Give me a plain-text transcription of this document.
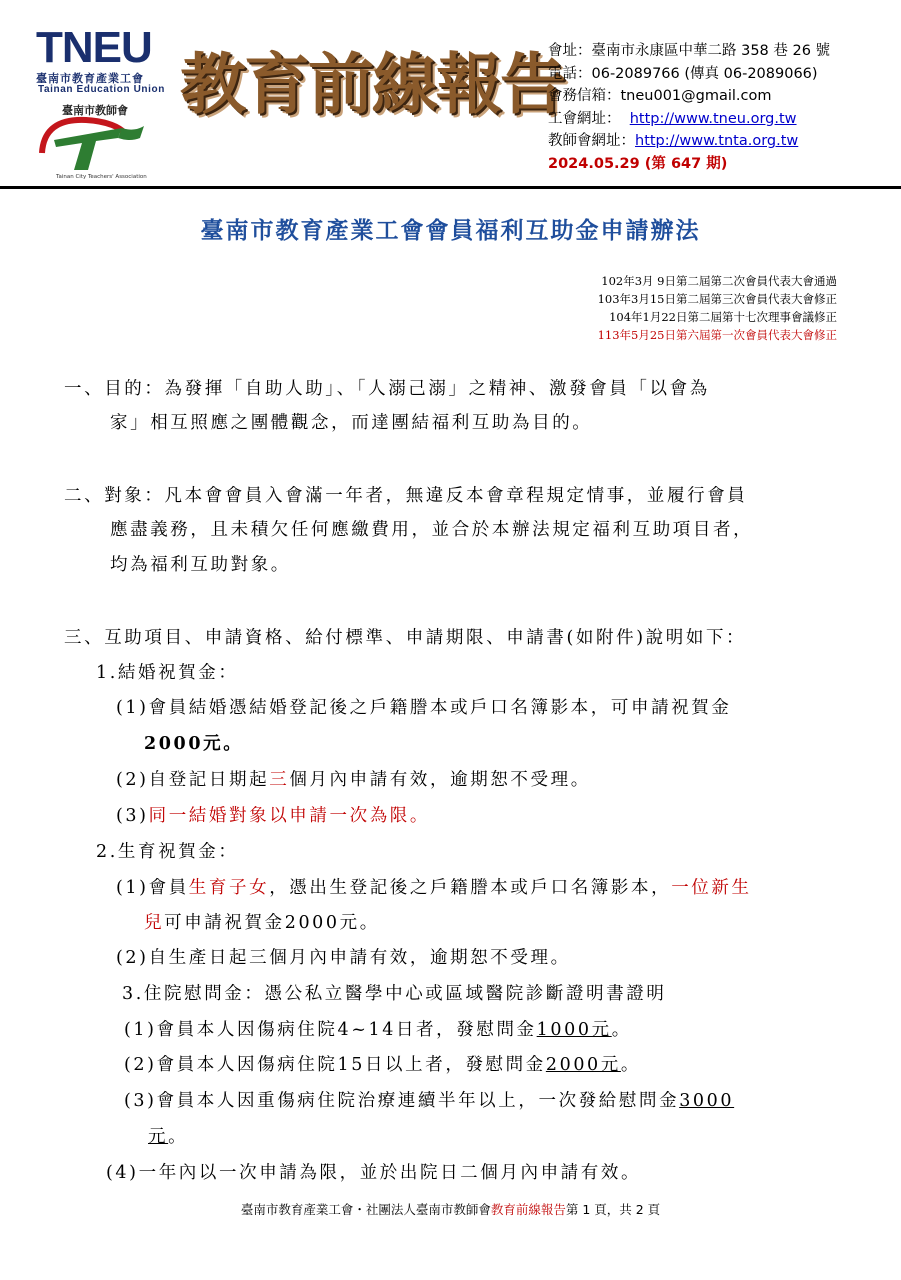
TNEU
臺南市教育產業工會
Tainan Education Union
臺南市教師會
Tainan City Teachers' Association
教育前線報告
會址：臺南市永康區中華二路 358 巷 26 號
電話：06-2089766 (傳真 06-2089066)
會務信箱：tneu001@gmail.com
工會網址： http://www.tneu.org.tw
教師會網址：http://www.tnta.org.tw
2024.05.29 (第 647 期)
臺南市教育產業工會會員福利互助金申請辦法
102年3月 9日第二屆第二次會員代表大會通過
103年3月15日第二屆第三次會員代表大會修正
104年1月22日第二屆第十七次理事會議修正
113年5月25日第六屆第一次會員代表大會修正
一、目的：為發揮「自助人助」、「人溺己溺」之精神、激發會員「以會為
家」相互照應之團體觀念，而達團結福利互助為目的。
二、對象：凡本會會員入會滿一年者，無違反本會章程規定情事，並履行會員
應盡義務，且未積欠任何應繳費用，並合於本辦法規定福利互助項目者，
均為福利互助對象。
三、互助項目、申請資格、給付標準、申請期限、申請書(如附件)說明如下：
1.結婚祝賀金：
(1)會員結婚憑結婚登記後之戶籍謄本或戶口名簿影本，可申請祝賀金
2000元。
(2)自登記日期起三個月內申請有效，逾期恕不受理。
(3)同一結婚對象以申請一次為限。
2.生育祝賀金：
(1)會員生育子女，憑出生登記後之戶籍謄本或戶口名簿影本，一位新生
兒可申請祝賀金2000元。
(2)自生產日起三個月內申請有效，逾期恕不受理。
3.住院慰問金：憑公私立醫學中心或區域醫院診斷證明書證明
(1)會員本人因傷病住院4~14日者，發慰問金1000元。
(2)會員本人因傷病住院15日以上者，發慰問金2000元。
(3)會員本人因重傷病住院治療連續半年以上，一次發給慰問金3000
元。
(4)一年內以一次申請為限，並於出院日二個月內申請有效。
臺南市教育產業工會・社團法人臺南市教師會教育前線報告第 1 頁，共 2 頁
